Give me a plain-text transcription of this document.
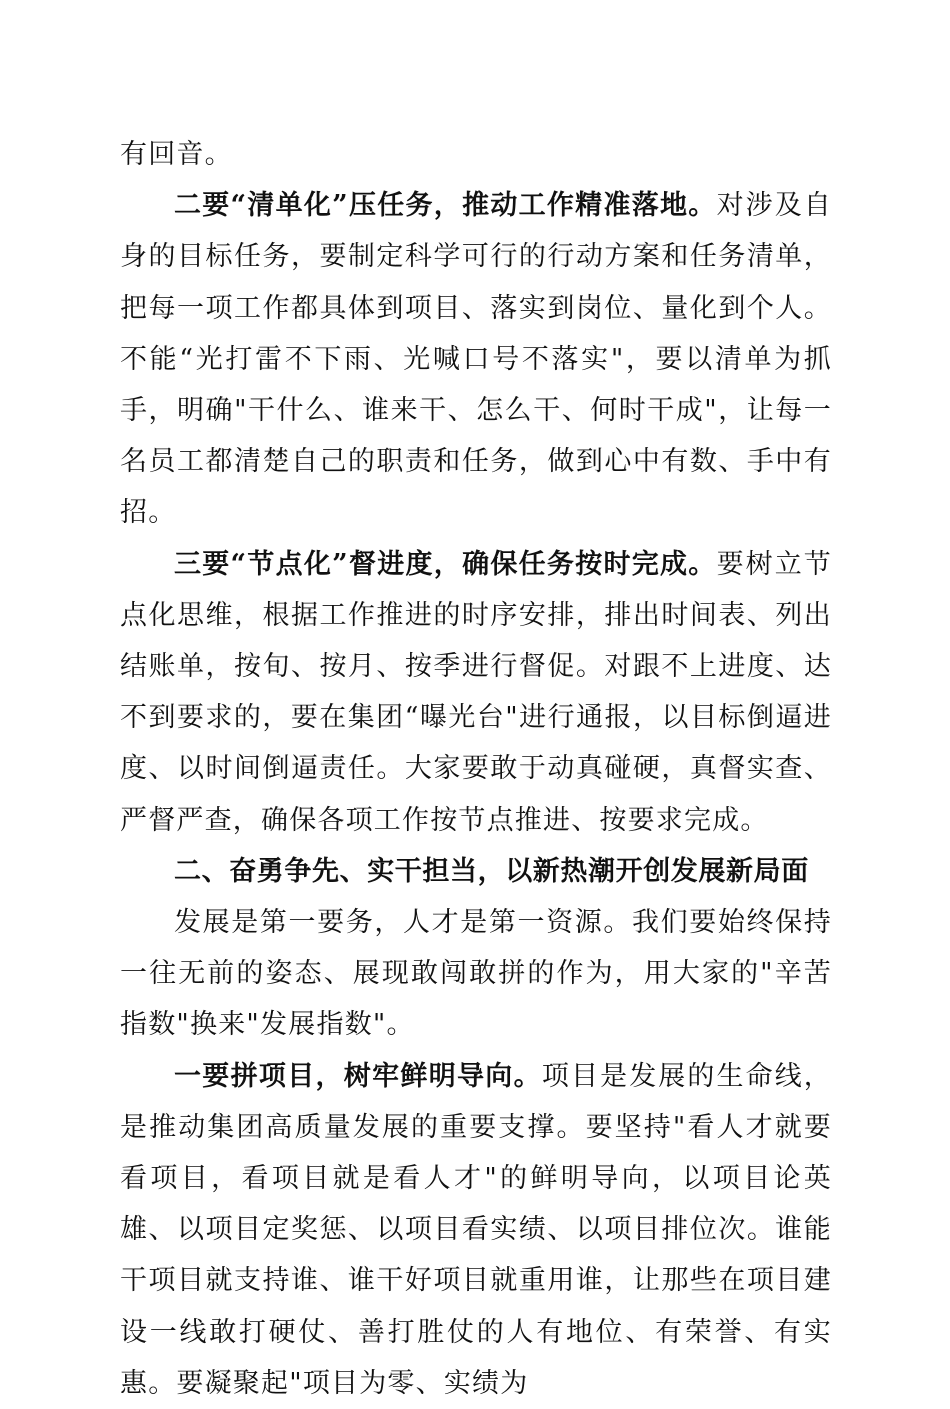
有回音。

二要“清单化”压任务，推动工作精准落地。对涉及自身的目标任务，要制定科学可行的行动方案和任务清单，把每一项工作都具体到项目、落实到岗位、量化到个人。不能“光打雷不下雨、光喊口号不落实"，要以清单为抓手，明确"干什么、谁来干、怎么干、何时干成"，让每一名员工都清楚自己的职责和任务，做到心中有数、手中有招。

三要“节点化”督进度，确保任务按时完成。要树立节点化思维，根据工作推进的时序安排，排出时间表、列出结账单，按旬、按月、按季进行督促。对跟不上进度、达不到要求的，要在集团“曝光台"进行通报，以目标倒逼进度、以时间倒逼责任。大家要敢于动真碰硬，真督实查、严督严查，确保各项工作按节点推进、按要求完成。

二、奋勇争先、实干担当，以新热潮开创发展新局面

发展是第一要务，人才是第一资源。我们要始终保持一往无前的姿态、展现敢闯敢拼的作为，用大家的"辛苦指数"换来"发展指数"。

一要拼项目，树牢鲜明导向。项目是发展的生命线，是推动集团高质量发展的重要支撑。要坚持"看人才就要看项目，看项目就是看人才"的鲜明导向，以项目论英雄、以项目定奖惩、以项目看实绩、以项目排位次。谁能干项目就支持谁、谁干好项目就重用谁，让那些在项目建设一线敢打硬仗、善打胜仗的人有地位、有荣誉、有实惠。要凝聚起"项目为零、实绩为
